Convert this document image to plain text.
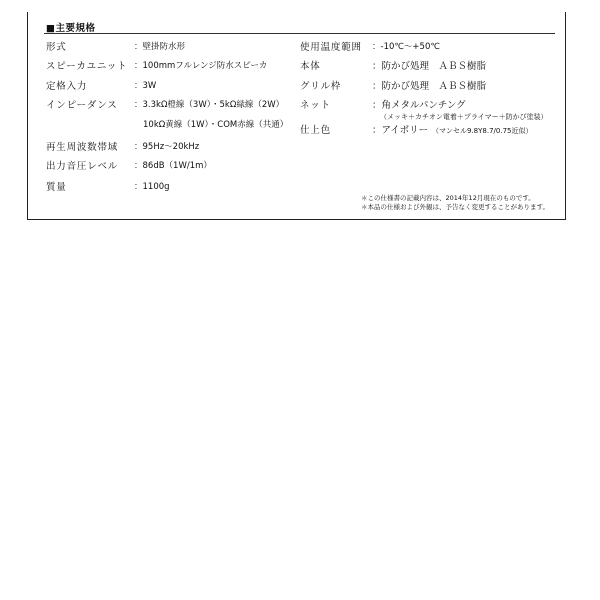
■主要規格
形式	：壁掛防水形
スピーカユニット ：100mmフルレンジ防水スピーカ
定格入力	：3W
インピーダンス ：3.3kΩ橙線（3W）・5kΩ緑線（2W）
10kΩ黄線（1W）・COM赤線（共通）
再生周波数帯域 ：95Hz～20kHz
出力音圧レベル ：86dB（1W/1m）
質量	：1100g
使用温度範囲 ：-10℃～+50℃
本体	：防かび処理　ＡＢＳ樹脂
グリル枠	：防かび処理　ＡＢＳ樹脂
ネット	：角メタルパンチング
（メッキ＋カチオン電着＋プライマー＋防かび塗装）
仕上色	：アイボリー （マンセル9.8Y8.7/0.75近似）
＊この仕様書の記載内容は、2014年12月現在のものです。
＊本品の仕様および外観は、予告なく変更することがあります。
